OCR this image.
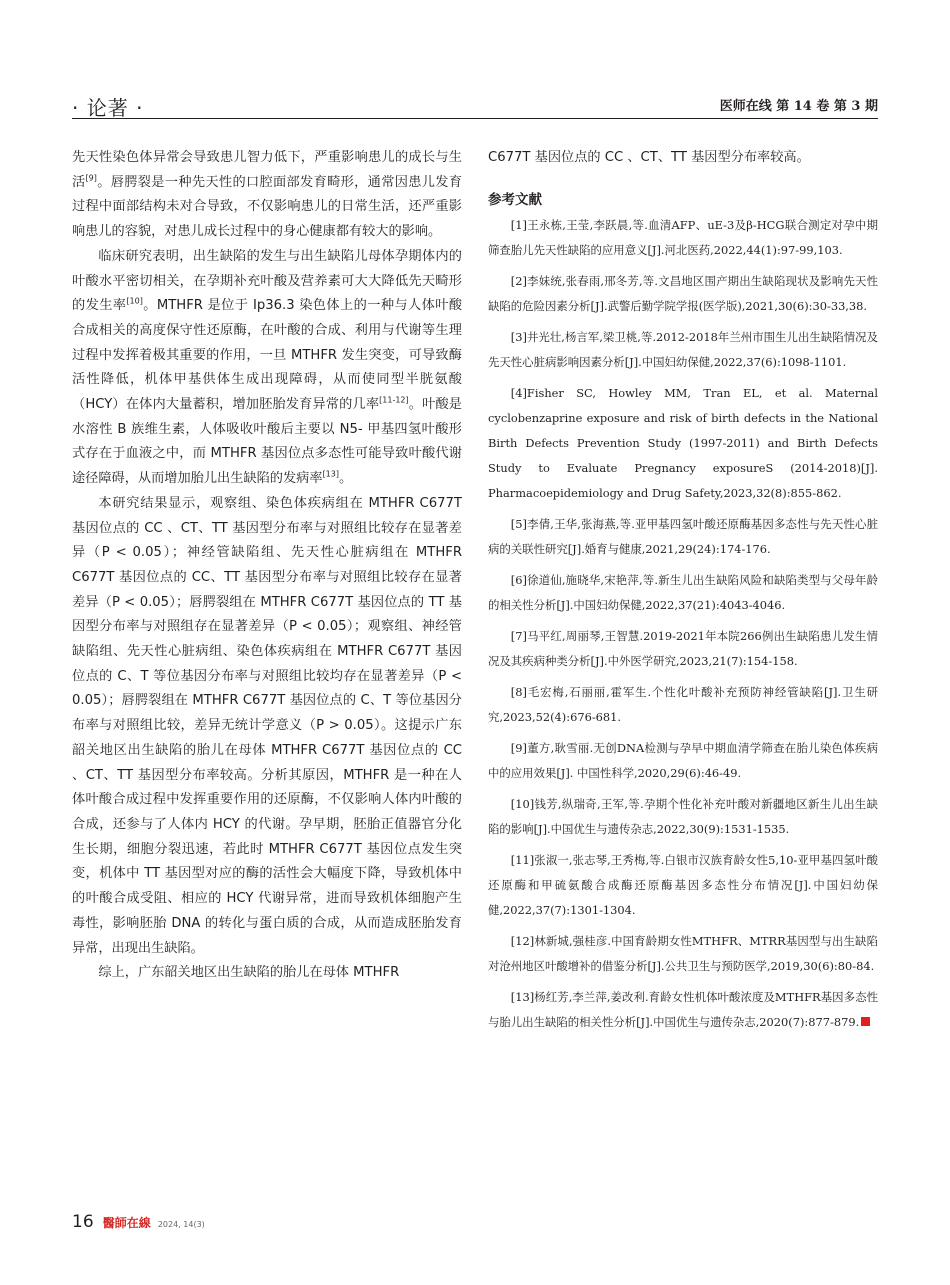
· 论著 ·	医师在线 第 14 卷 第 3 期

先天性染色体异常会导致患儿智力低下，严重影响患儿的成长与生活[9]。唇腭裂是一种先天性的口腔面部发育畸形，通常因患儿发育过程中面部结构未对合导致，不仅影响患儿的日常生活，还严重影响患儿的容貌，对患儿成长过程中的身心健康都有较大的影响。

临床研究表明，出生缺陷的发生与出生缺陷儿母体孕期体内的叶酸水平密切相关，在孕期补充叶酸及营养素可大大降低先天畸形的发生率[10]。MTHFR 是位于 Ip36.3 染色体上的一种与人体叶酸合成相关的高度保守性还原酶，在叶酸的合成、利用与代谢等生理过程中发挥着极其重要的作用，一旦 MTHFR 发生突变，可导致酶活性降低，机体甲基供体生成出现障碍，从而使同型半胱氨酸（HCY）在体内大量蓄积，增加胚胎发育异常的几率[11-12]。叶酸是水溶性 B 族维生素，人体吸收叶酸后主要以 N5- 甲基四氢叶酸形式存在于血液之中，而 MTHFR 基因位点多态性可能导致叶酸代谢途径障碍，从而增加胎儿出生缺陷的发病率[13]。

本研究结果显示，观察组、染色体疾病组在 MTHFR C677T 基因位点的 CC 、CT、TT 基因型分布率与对照组比较存在显著差异（P < 0.05）；神经管缺陷组、先天性心脏病组在 MTHFR C677T 基因位点的 CC、TT 基因型分布率与对照组比较存在显著差异（P < 0.05）；唇腭裂组在 MTHFR C677T 基因位点的 TT 基因型分布率与对照组存在显著差异（P < 0.05）；观察组、神经管缺陷组、先天性心脏病组、染色体疾病组在 MTHFR C677T 基因位点的 C、T 等位基因分布率与对照组比较均存在显著差异（P < 0.05）；唇腭裂组在 MTHFR C677T 基因位点的 C、T 等位基因分布率与对照组比较，差异无统计学意义（P > 0.05）。这提示广东韶关地区出生缺陷的胎儿在母体 MTHFR C677T 基因位点的 CC 、CT、TT 基因型分布率较高。分析其原因，MTHFR 是一种在人体叶酸合成过程中发挥重要作用的还原酶，不仅影响人体内叶酸的合成，还参与了人体内 HCY 的代谢。孕早期，胚胎正值器官分化生长期，细胞分裂迅速，若此时 MTHFR C677T 基因位点发生突变，机体中 TT 基因型对应的酶的活性会大幅度下降，导致机体中的叶酸合成受阻、相应的 HCY 代谢异常，进而导致机体细胞产生毒性，影响胚胎 DNA 的转化与蛋白质的合成，从而造成胚胎发育异常，出现出生缺陷。

综上，广东韶关地区出生缺陷的胎儿在母体 MTHFR

C677T 基因位点的 CC 、CT、TT 基因型分布率较高。

参考文献

[1]王永栋,王莹,李跃晨,等.血清AFP、uE-3及β-HCG联合测定对孕中期筛查胎儿先天性缺陷的应用意义[J].河北医药,2022,44(1):97-99,103.

[2]李妹统,张春雨,邢冬芳,等.文昌地区围产期出生缺陷现状及影响先天性缺陷的危险因素分析[J].武警后勤学院学报(医学版),2021,30(6):30-33,38.

[3]井光壮,杨言军,梁卫桃,等.2012-2018年兰州市围生儿出生缺陷情况及先天性心脏病影响因素分析[J].中国妇幼保健,2022,37(6):1098-1101.

[4]Fisher SC, Howley MM, Tran EL, et al. Maternal cyclobenzaprine exposure and risk of birth defects in the National Birth Defects Prevention Study (1997-2011) and Birth Defects Study to Evaluate Pregnancy exposureS (2014-2018)[J]. Pharmacoepidemiology and Drug Safety,2023,32(8):855-862.

[5]李倩,王华,张海燕,等.亚甲基四氢叶酸还原酶基因多态性与先天性心脏病的关联性研究[J].婚育与健康,2021,29(24):174-176.

[6]徐道仙,施晓华,宋艳萍,等.新生儿出生缺陷风险和缺陷类型与父母年龄的相关性分析[J].中国妇幼保健,2022,37(21):4043-4046.

[7]马平红,周丽琴,王智慧.2019-2021年本院266例出生缺陷患儿发生情况及其疾病种类分析[J].中外医学研究,2023,21(7):154-158.

[8]毛宏梅,石丽丽,霍军生.个性化叶酸补充预防神经管缺陷[J].卫生研究,2023,52(4):676-681.

[9]董方,耿雪丽.无创DNA检测与孕早中期血清学筛查在胎儿染色体疾病中的应用效果[J]. 中国性科学,2020,29(6):46-49.

[10]钱芳,纵瑞奇,王军,等.孕期个性化补充叶酸对新疆地区新生儿出生缺陷的影响[J].中国优生与遗传杂志,2022,30(9):1531-1535.

[11]张淑一,张志琴,王秀梅,等.白银市汉族育龄女性5,10-亚甲基四氢叶酸还原酶和甲硫氨酸合成酶还原酶基因多态性分布情况[J].中国妇幼保健,2022,37(7):1301-1304.

[12]林新城,强桂彦.中国育龄期女性MTHFR、MTRR基因型与出生缺陷对沧州地区叶酸增补的借鉴分析[J].公共卫生与预防医学,2019,30(6):80-84.

[13]杨红芳,李兰萍,姜改利.育龄女性机体叶酸浓度及MTHFR基因多态性与胎儿出生缺陷的相关性分析[J].中国优生与遗传杂志,2020(7):877-879.

16 醫師在線 2024, 14(3)
